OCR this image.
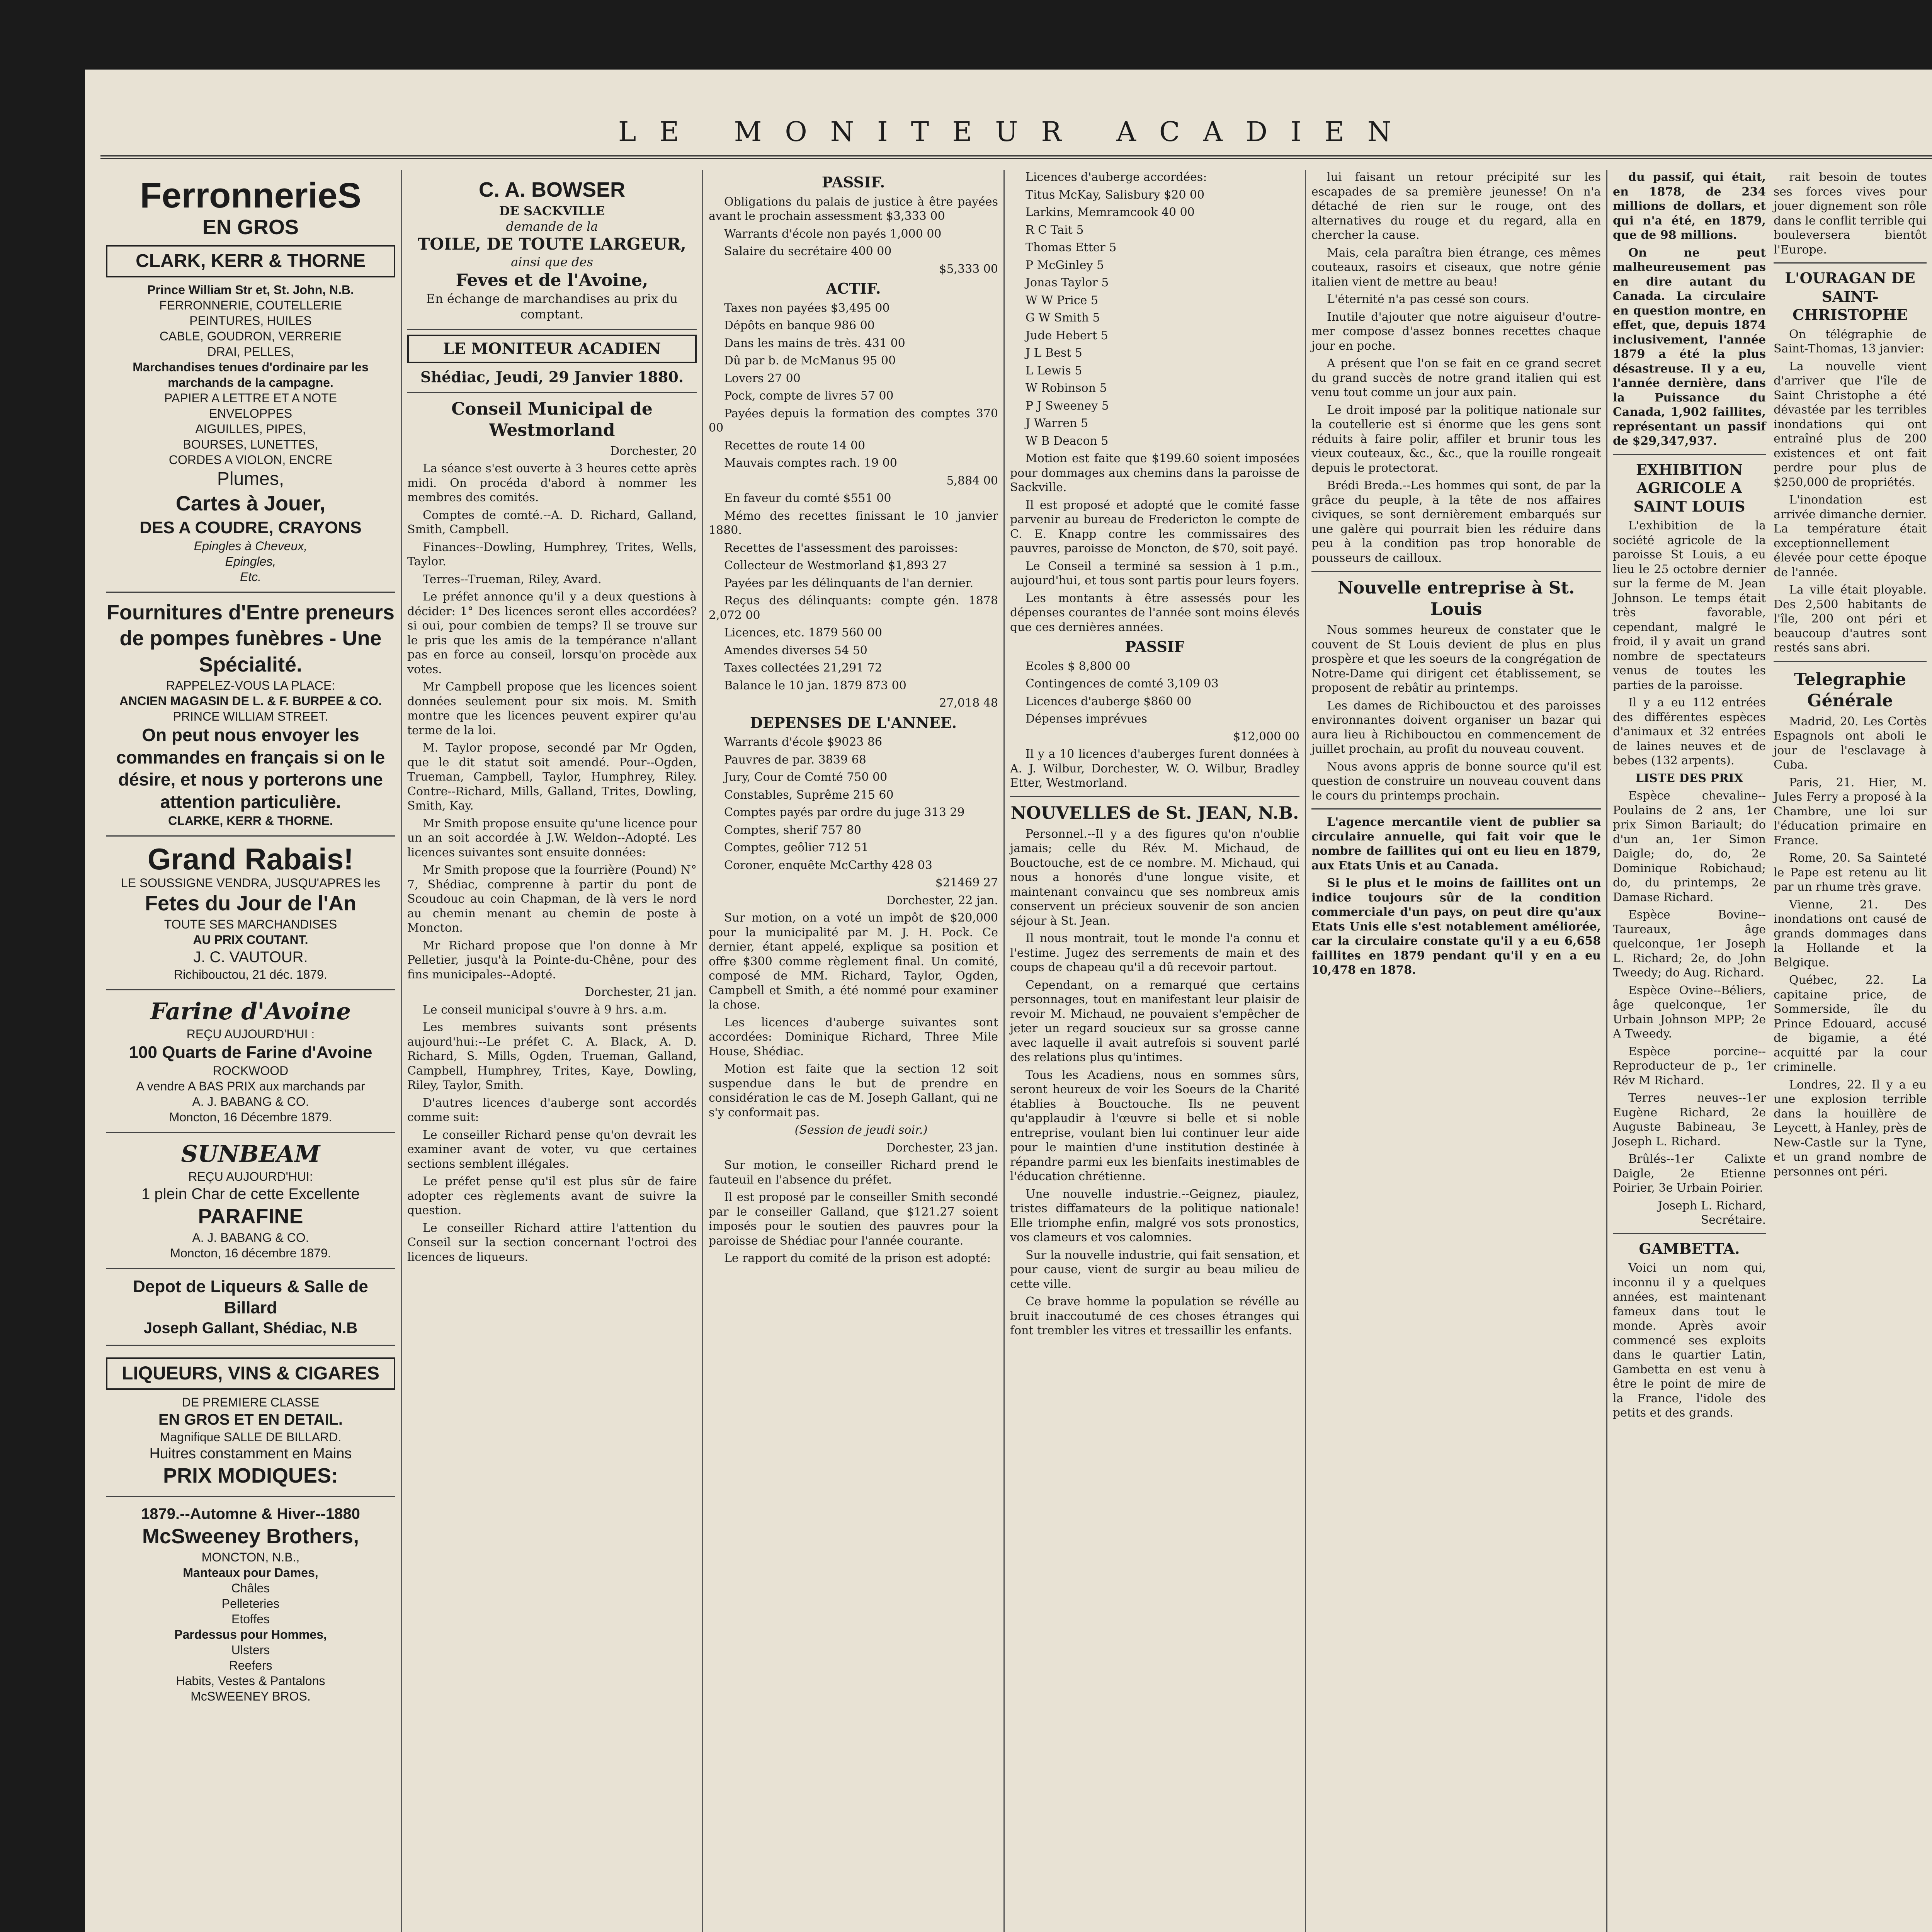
LE MONITEUR ACADIEN
FerronnerieS
EN GROS
CLARK, KERR & THORNE
Prince William Str et, St. John, N.B.
FERRONNERIE, COUTELLERIE
PEINTURES, HUILES
CABLE, GOUDRON, VERRERIE
DRAI, PELLES,
Marchandises tenues d'ordinaire par les marchands de la campagne.
PAPIER A LETTRE ET A NOTE
ENVELOPPES
AIGUILLES, PIPES,
BOURSES, LUNETTES,
CORDES A VIOLON, ENCRE
Plumes,
Cartes à Jouer,
DES A COUDRE, CRAYONS
Epingles à Cheveux,
Epingles,
Etc.
Fournitures d'Entre preneurs de pompes funèbres - Une Spécialité.
RAPPELEZ-VOUS LA PLACE:
ANCIEN MAGASIN DE L. & F. BURPEE & CO.
PRINCE WILLIAM STREET.
On peut nous envoyer les commandes en français si on le désire, et nous y porterons une attention particulière.
CLARKE, KERR & THORNE.
Grand Rabais!
LE SOUSSIGNE VENDRA, JUSQU'APRES les
Fetes du Jour de l'An
TOUTE SES MARCHANDISES
AU PRIX COUTANT.
J. C. VAUTOUR.
Richibouctou, 21 déc. 1879.
Farine d'Avoine
REÇU AUJOURD'HUI :
100 Quarts de Farine d'Avoine
ROCKWOOD
A vendre A BAS PRIX aux marchands par
A. J. BABANG & CO.
Moncton, 16 Décembre 1879.
SUNBEAM
REÇU AUJOURD'HUI:
1 plein Char de cette Excellente
PARAFINE
A. J. BABANG & CO.
Moncton, 16 décembre 1879.
Depot de Liqueurs & Salle de Billard
Joseph Gallant, Shédiac, N.B
LIQUEURS, VINS & CIGARES
DE PREMIERE CLASSE
EN GROS ET EN DETAIL.
Magnifique SALLE DE BILLARD.
Huitres constamment en Mains
PRIX MODIQUES:
1879.--Automne & Hiver--1880
McSweeney Brothers,
MONCTON, N.B.,
Manteaux pour Dames,
Châles
Pelleteries
Etoffes
Pardessus pour Hommes,
Ulsters
Reefers
Habits, Vestes & Pantalons
McSWEENEY BROS.
C. A. BOWSER
DE SACKVILLE
demande de la
TOILE, DE TOUTE LARGEUR,
ainsi que des
Feves et de l'Avoine,
En échange de marchandises au prix du comptant.
LE MONITEUR ACADIEN
Shédiac, Jeudi, 29 Janvier 1880.
Conseil Municipal de Westmorland
Dorchester, 20
La séance s'est ouverte à 3 heures cette après midi. On procéda d'abord à nommer les membres des comités.
Comptes de comté.--A. D. Richard, Galland, Smith, Campbell.
Finances--Dowling, Humphrey, Trites, Wells, Taylor.
Terres--Trueman, Riley, Avard.
Le préfet annonce qu'il y a deux questions à décider: 1° Des licences seront elles accordées? si oui, pour combien de temps? Il se trouve sur le pris que les amis de la tempérance n'allant pas en force au conseil, lorsqu'on procède aux votes.
Mr Campbell propose que les licences soient données seulement pour six mois. M. Smith montre que les licences peuvent expirer qu'au terme de la loi.
M. Taylor propose, secondé par Mr Ogden, que le dit statut soit amendé. Pour--Ogden, Trueman, Campbell, Taylor, Humphrey, Riley. Contre--Richard, Mills, Galland, Trites, Dowling, Smith, Kay.
Mr Smith propose ensuite qu'une licence pour un an soit accordée à J.W. Weldon--Adopté. Les licences suivantes sont ensuite données:
Mr Smith propose que la fourrière (Pound) N° 7, Shédiac, comprenne à partir du pont de Scoudouc au coin Chapman, de là vers le nord au chemin menant au chemin de poste à Moncton.
Mr Richard propose que l'on donne à Mr Pelletier, jusqu'à la Pointe-du-Chêne, pour des fins municipales--Adopté.
Dorchester, 21 jan.
Le conseil municipal s'ouvre à 9 hrs. a.m.
Les membres suivants sont présents aujourd'hui:--Le préfet C. A. Black, A. D. Richard, S. Mills, Ogden, Trueman, Galland, Campbell, Humphrey, Trites, Kaye, Dowling, Riley, Taylor, Smith.
D'autres licences d'auberge sont accordés comme suit:
Le conseiller Richard pense qu'on devrait les examiner avant de voter, vu que certaines sections semblent illégales.
Le préfet pense qu'il est plus sûr de faire adopter ces règlements avant de suivre la question.
Le conseiller Richard attire l'attention du Conseil sur la section concernant l'octroi des licences de liqueurs.
PASSIF.
Obligations du palais de justice à être payées avant le prochain assessment $3,333 00
Warrants d'école non payés 1,000 00
Salaire du secrétaire 400 00
$5,333 00
ACTIF.
Taxes non payées $3,495 00
Dépôts en banque 986 00
Dans les mains de très. 431 00
Dû par b. de McManus 95 00
Lovers 27 00
Pock, compte de livres 57 00
Payées depuis la formation des comptes 370 00
Recettes de route 14 00
Mauvais comptes rach. 19 00
5,884 00
En faveur du comté $551 00
Mémo des recettes finissant le 10 janvier 1880.
Recettes de l'assessment des paroisses:
Collecteur de Westmorland $1,893 27
Payées par les délinquants de l'an dernier.
Reçus des délinquants: compte gén. 1878 2,072 00
Licences, etc. 1879 560 00
Amendes diverses 54 50
Taxes collectées 21,291 72
Balance le 10 jan. 1879 873 00
27,018 48
DEPENSES DE L'ANNEE.
Warrants d'école $9023 86
Pauvres de par. 3839 68
Jury, Cour de Comté 750 00
Constables, Suprême 215 60
Comptes payés par ordre du juge 313 29
Comptes, sherif 757 80
Comptes, geôlier 712 51
Coroner, enquête McCarthy 428 03
$21469 27
Dorchester, 22 jan.
Sur motion, on a voté un impôt de $20,000 pour la municipalité par M. J. H. Pock. Ce dernier, étant appelé, explique sa position et offre $300 comme règlement final. Un comité, composé de MM. Richard, Taylor, Ogden, Campbell et Smith, a été nommé pour examiner la chose.
Les licences d'auberge suivantes sont accordées: Dominique Richard, Three Mile House, Shédiac.
Motion est faite que la section 12 soit suspendue dans le but de prendre en considération le cas de M. Joseph Gallant, qui ne s'y conformait pas.
(Session de jeudi soir.)
Dorchester, 23 jan.
Sur motion, le conseiller Richard prend le fauteuil en l'absence du préfet.
Il est proposé par le conseiller Smith secondé par le conseiller Galland, que $121.27 soient imposés pour le soutien des pauvres pour la paroisse de Shédiac pour l'année courante.
Le rapport du comité de la prison est adopté:
Licences d'auberge accordées:
Titus McKay, Salisbury $20 00
Larkins, Memramcook 40 00
R C Tait 5
Thomas Etter 5
P McGinley 5
Jonas Taylor 5
W W Price 5
G W Smith 5
Jude Hebert 5
J L Best 5
L Lewis 5
W Robinson 5
P J Sweeney 5
J Warren 5
W B Deacon 5
Motion est faite que $199.60 soient imposées pour dommages aux chemins dans la paroisse de Sackville.
Il est proposé et adopté que le comité fasse parvenir au bureau de Fredericton le compte de C. E. Knapp contre les commissaires des pauvres, paroisse de Moncton, de $70, soit payé.
Le Conseil a terminé sa session à 1 p.m., aujourd'hui, et tous sont partis pour leurs foyers.
Les montants à être assessés pour les dépenses courantes de l'année sont moins élevés que ces dernières années.
PASSIF
Ecoles $ 8,800 00
Contingences de comté 3,109 03
Licences d'auberge $860 00
Dépenses imprévues
$12,000 00
Il y a 10 licences d'auberges furent données à A. J. Wilbur, Dorchester, W. O. Wilbur, Bradley Etter, Westmorland.
NOUVELLES de St. JEAN, N.B.
Personnel.--Il y a des figures qu'on n'oublie jamais; celle du Rév. M. Michaud, de Bouctouche, est de ce nombre. M. Michaud, qui nous a honorés d'une longue visite, et maintenant convaincu que ses nombreux amis conservent un précieux souvenir de son ancien séjour à St. Jean.
Il nous montrait, tout le monde l'a connu et l'estime. Jugez des serrements de main et des coups de chapeau qu'il a dû recevoir partout.
Cependant, on a remarqué que certains personnages, tout en manifestant leur plaisir de revoir M. Michaud, ne pouvaient s'empêcher de jeter un regard soucieux sur sa grosse canne avec laquelle il avait autrefois si souvent parlé des relations plus qu'intimes.
Tous les Acadiens, nous en sommes sûrs, seront heureux de voir les Soeurs de la Charité établies à Bouctouche. Ils ne peuvent qu'applaudir à l'œuvre si belle et si noble entreprise, voulant bien lui continuer leur aide pour le maintien d'une institution destinée à répandre parmi eux les bienfaits inestimables de l'éducation chrétienne.
Une nouvelle industrie.--Geignez, piaulez, tristes diffamateurs de la politique nationale! Elle triomphe enfin, malgré vos sots pronostics, vos clameurs et vos calomnies.
Sur la nouvelle industrie, qui fait sensation, et pour cause, vient de surgir au beau milieu de cette ville.
Ce brave homme la population se révélle au bruit inaccoutumé de ces choses étranges qui font trembler les vitres et tressaillir les enfants.
lui faisant un retour précipité sur les escapades de sa première jeunesse! On n'a détaché de rien sur le rouge, ont des alternatives du rouge et du regard, alla en chercher la cause.
Mais, cela paraîtra bien étrange, ces mêmes couteaux, rasoirs et ciseaux, que notre génie italien vient de mettre au beau!
L'éternité n'a pas cessé son cours.
Inutile d'ajouter que notre aiguiseur d'outre-mer compose d'assez bonnes recettes chaque jour en poche.
A présent que l'on se fait en ce grand secret du grand succès de notre grand italien qui est venu tout comme un jour aux pain.
Le droit imposé par la politique nationale sur la coutellerie est si énorme que les gens sont réduits à faire polir, affiler et brunir tous les vieux couteaux, &c., &c., que la rouille rongeait depuis le protectorat.
Brédi Breda.--Les hommes qui sont, de par la grâce du peuple, à la tête de nos affaires civiques, se sont dernièrement embarqués sur une galère qui pourrait bien les réduire dans peu à la condition pas trop honorable de pousseurs de cailloux.
Nouvelle entreprise à St. Louis
Nous sommes heureux de constater que le couvent de St Louis devient de plus en plus prospère et que les soeurs de la congrégation de Notre-Dame qui dirigent cet établissement, se proposent de rebâtir au printemps.
Les dames de Richibouctou et des paroisses environnantes doivent organiser un bazar qui aura lieu à Richibouctou en commencement de juillet prochain, au profit du nouveau couvent.
Nous avons appris de bonne source qu'il est question de construire un nouveau couvent dans le cours du printemps prochain.
L'agence mercantile vient de publier sa circulaire annuelle, qui fait voir que le nombre de faillites qui ont eu lieu en 1879, aux Etats Unis et au Canada.
Si le plus et le moins de faillites ont un indice toujours sûr de la condition commerciale d'un pays, on peut dire qu'aux Etats Unis elle s'est notablement améliorée, car la circulaire constate qu'il y a eu 6,658 faillites en 1879 pendant qu'il y en a eu 10,478 en 1878.
du passif, qui était, en 1878, de 234 millions de dollars, et qui n'a été, en 1879, que de 98 millions.
On ne peut malheureusement pas en dire autant du Canada. La circulaire en question montre, en effet, que, depuis 1874 inclusivement, l'année 1879 a été la plus désastreuse. Il y a eu, l'année dernière, dans la Puissance du Canada, 1,902 faillites, représentant un passif de $29,347,937.
EXHIBITION AGRICOLE A SAINT LOUIS
L'exhibition de la société agricole de la paroisse St Louis, a eu lieu le 25 octobre dernier sur la ferme de M. Jean Johnson. Le temps était très favorable, cependant, malgré le froid, il y avait un grand nombre de spectateurs venus de toutes les parties de la paroisse.
Il y a eu 112 entrées des différentes espèces d'animaux et 32 entrées de laines neuves et de bebes (132 arpents).
LISTE DES PRIX
Espèce chevaline--Poulains de 2 ans, 1er prix Simon Bariault; do d'un an, 1er Simon Daigle; do, do, 2e Dominique Robichaud; do, du printemps, 2e Damase Richard.
Espèce Bovine--Taureaux, âge quelconque, 1er Joseph L. Richard; 2e, do John Tweedy; do Aug. Richard.
Espèce Ovine--Béliers, âge quelconque, 1er Urbain Johnson MPP; 2e A Tweedy.
Espèce porcine--Reproducteur de p., 1er Rév M Richard.
Terres neuves--1er Eugène Richard, 2e Auguste Babineau, 3e Joseph L. Richard.
Brûlés--1er Calixte Daigle, 2e Etienne Poirier, 3e Urbain Poirier.
Joseph L. Richard, Secrétaire.
GAMBETTA.
Voici un nom qui, inconnu il y a quelques années, est maintenant fameux dans tout le monde. Après avoir commencé ses exploits dans le quartier Latin, Gambetta en est venu à être le point de mire de la France, l'idole des petits et des grands.
rait besoin de toutes ses forces vives pour jouer dignement son rôle dans le conflit terrible qui bouleversera bientôt l'Europe.
L'OURAGAN DE SAINT-CHRISTOPHE
On télégraphie de Saint-Thomas, 13 janvier:
La nouvelle vient d'arriver que l'île de Saint Christophe a été dévastée par les terribles inondations qui ont entraîné plus de 200 existences et ont fait perdre pour plus de $250,000 de propriétés.
L'inondation est arrivée dimanche dernier. La température était exceptionnellement élevée pour cette époque de l'année.
La ville était ployable. Des 2,500 habitants de l'île, 200 ont péri et beaucoup d'autres sont restés sans abri.
Telegraphie Générale
Madrid, 20. Les Cortès Espagnols ont aboli le jour de l'esclavage à Cuba.
Paris, 21. Hier, M. Jules Ferry a proposé à la Chambre, une loi sur l'éducation primaire en France.
Rome, 20. Sa Sainteté le Pape est retenu au lit par un rhume très grave.
Vienne, 21. Des inondations ont causé de grands dommages dans la Hollande et la Belgique.
Québec, 22. La capitaine price, de Sommerside, île du Prince Edouard, accusé de bigamie, a été acquitté par la cour criminelle.
Londres, 22. Il y a eu une explosion terrible dans la houillère de Leycett, à Hanley, près de New-Castle sur la Tyne, et un grand nombre de personnes ont péri.
